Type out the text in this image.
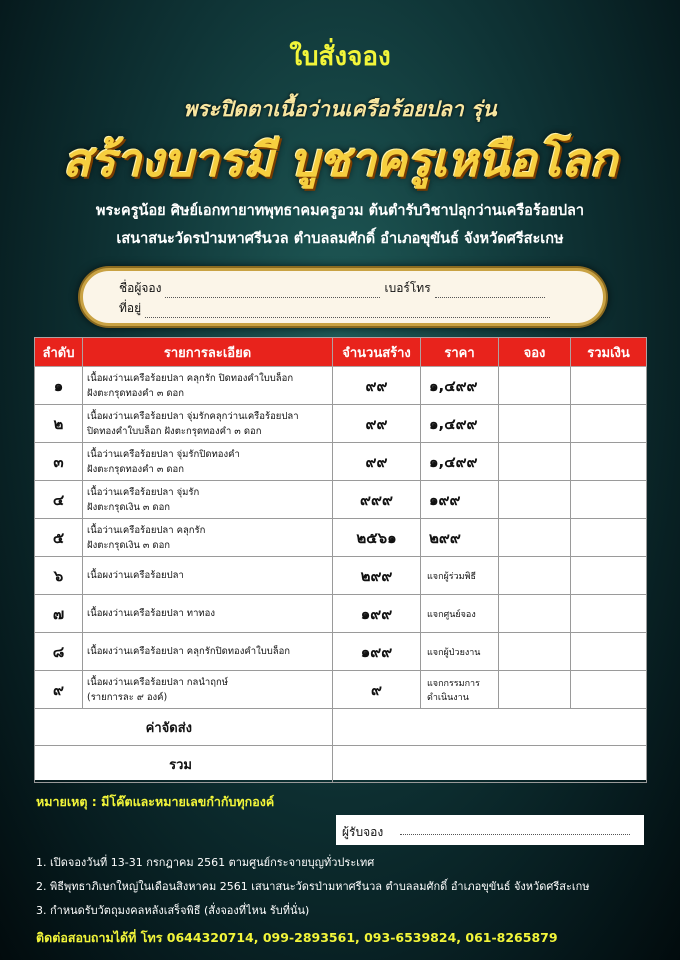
ใบสั่งจอง
พระปิดตาเนื้อว่านเครือร้อยปลา รุ่น
สร้างบารมี บูชาครูเหนือโลก
พระครูน้อย ศิษย์เอกทายาทพุทธาคมครูอวม ต้นตำรับวิชาปลุกว่านเครือร้อยปลา
เสนาสนะวัดรป่ามหาศรีนวล ตำบลลมศักดิ์ อำเภอขุขันธ์ จังหวัดศรีสะเกษ
ชื่อผู้จอง	เบอร์โทร
ที่อยู่
ลำดับ	รายการละเอียด	จำนวนสร้าง	ราคา	จอง	รวมเงิน
๑	เนื้อผงว่านเครือร้อยปลา คลุกรัก ปิดทองคำใบบล็อก
ฝังตะกรุดทองคำ ๓ ดอก	๙๙	๑,๔๙๙		
๒	เนื้อผงว่านเครือร้อยปลา จุ่มรักคลุกว่านเครือร้อยปลา
ปิดทองคำใบบล็อก ฝังตะกรุดทองคำ ๓ ดอก	๙๙	๑,๔๙๙		
๓	เนื้อว่านเครือร้อยปลา จุ่มรักปิดทองคำ
ฝังตะกรุดทองคำ ๓ ดอก	๙๙	๑,๔๙๙		
๔	เนื้อว่านเครือร้อยปลา จุ่มรัก
ฝังตะกรุดเงิน ๓ ดอก	๙๙๙	๑๙๙		
๕	เนื้อว่านเครือร้อยปลา คลุกรัก
ฝังตะกรุดเงิน ๓ ดอก	๒๕๖๑	๒๙๙		
๖	เนื้อผงว่านเครือร้อยปลา	๒๙๙	แจกผู้ร่วมพิธี		
๗	เนื้อผงว่านเครือร้อยปลา ทาทอง	๑๙๙	แจกศูนย์จอง		
๘	เนื้อผงว่านเครือร้อยปลา คลุกรักปิดทองคำใบบล็อก	๑๙๙	แจกผู้ป่วยงาน		
๙	เนื้อผงว่านเครือร้อยปลา กลนำฤกษ์
(รายการละ ๙ องค์)	๙	แจกกรรมการ ดำเนินงาน		
ค่าจัดส่ง					
รวม					
หมายเหตุ : มีโค๊ตและหมายเลขกำกับทุกองค์
ผู้รับจอง
1. เปิดจองวันที่ 13-31 กรกฎาคม 2561 ตามศูนย์กระจายบุญทั่วประเทศ
2. พิธีพุทธาภิเษกใหญ่ในเดือนสิงหาคม 2561 เสนาสนะวัดรป่ามหาศรีนวล ตำบลลมศักดิ์ อำเภอขุขันธ์ จังหวัดศรีสะเกษ
3. กำหนดรับวัตถุมงคลหลังเสร็จพิธี (สั่งจองที่ไหน รับที่นั่น)
ติดต่อสอบถามได้ที่ โทร 0644320714, 099-2893561, 093-6539824, 061-8265879
